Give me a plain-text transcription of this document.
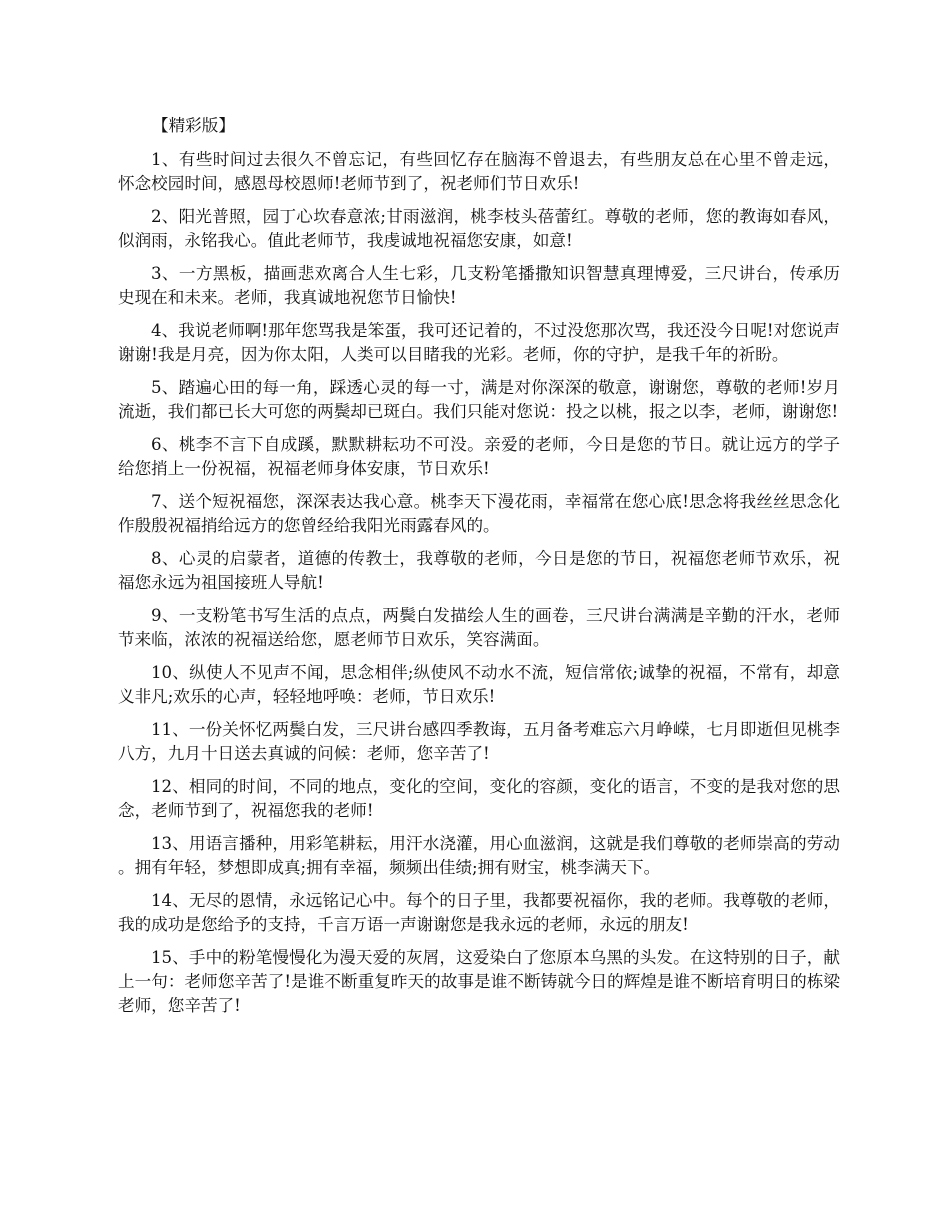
【精彩版】

1、有些时间过去很久不曾忘记，有些回忆存在脑海不曾退去，有些朋友总在心里不曾走远，怀念校园时间，感恩母校恩师!老师节到了，祝老师们节日欢乐!

2、阳光普照，园丁心坎春意浓;甘雨滋润，桃李枝头蓓蕾红。尊敬的老师，您的教诲如春风，似润雨，永铭我心。值此老师节，我虔诚地祝福您安康，如意!

3、一方黑板，描画悲欢离合人生七彩，几支粉笔播撒知识智慧真理博爱，三尺讲台，传承历史现在和未来。老师，我真诚地祝您节日愉快!

4、我说老师啊!那年您骂我是笨蛋，我可还记着的，不过没您那次骂，我还没今日呢!对您说声谢谢!我是月亮，因为你太阳，人类可以目睹我的光彩。老师，你的守护，是我千年的祈盼。

5、踏遍心田的每一角，踩透心灵的每一寸，满是对你深深的敬意，谢谢您，尊敬的老师!岁月流逝，我们都已长大可您的两鬓却已斑白。我们只能对您说：投之以桃，报之以李，老师，谢谢您!

6、桃李不言下自成蹊，默默耕耘功不可没。亲爱的老师，今日是您的节日。就让远方的学子给您捎上一份祝福，祝福老师身体安康，节日欢乐!

7、送个短祝福您，深深表达我心意。桃李天下漫花雨，幸福常在您心底!思念将我丝丝思念化作殷殷祝福捎给远方的您曾经给我阳光雨露春风的。

8、心灵的启蒙者，道德的传教士，我尊敬的老师，今日是您的节日，祝福您老师节欢乐，祝福您永远为祖国接班人导航!

9、一支粉笔书写生活的点点，两鬓白发描绘人生的画卷，三尺讲台满满是辛勤的汗水，老师节来临，浓浓的祝福送给您，愿老师节日欢乐，笑容满面。

10、纵使人不见声不闻，思念相伴;纵使风不动水不流，短信常依;诚挚的祝福，不常有，却意义非凡;欢乐的心声，轻轻地呼唤：老师，节日欢乐!

11、一份关怀忆两鬓白发，三尺讲台感四季教诲，五月备考难忘六月峥嵘，七月即逝但见桃李八方，九月十日送去真诚的问候：老师，您辛苦了!

12、相同的时间，不同的地点，变化的空间，变化的容颜，变化的语言，不变的是我对您的思念，老师节到了，祝福您我的老师!

13、用语言播种，用彩笔耕耘，用汗水浇灌，用心血滋润，这就是我们尊敬的老师崇高的劳动。拥有年轻，梦想即成真;拥有幸福，频频出佳绩;拥有财宝，桃李满天下。

14、无尽的恩情，永远铭记心中。每个的日子里，我都要祝福你，我的老师。我尊敬的老师，我的成功是您给予的支持，千言万语一声谢谢您是我永远的老师，永远的朋友!

15、手中的粉笔慢慢化为漫天爱的灰屑，这爱染白了您原本乌黑的头发。在这特别的日子，献上一句：老师您辛苦了!是谁不断重复昨天的故事是谁不断铸就今日的辉煌是谁不断培育明日的栋梁老师，您辛苦了!
